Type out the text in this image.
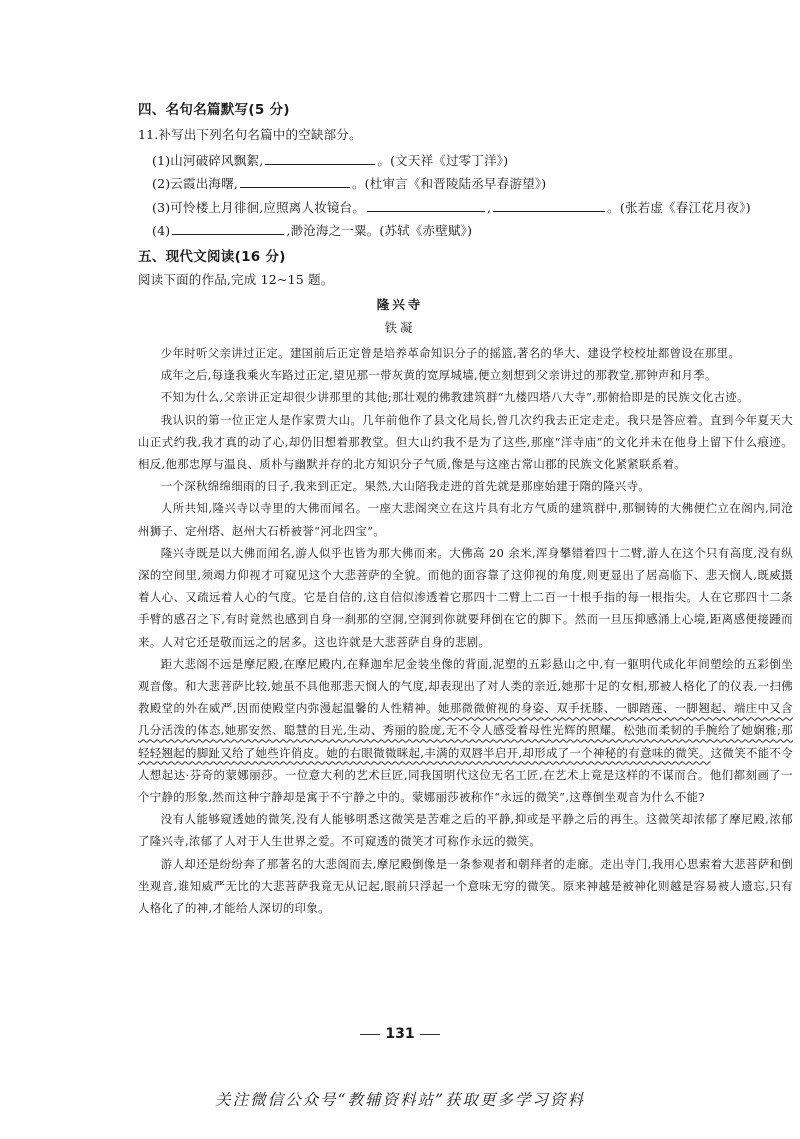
四、名句名篇默写(5 分)
11.补写出下列名句名篇中的空缺部分。
(1)山河破碎风飘絮,	。(文天祥《过零丁洋》)
(2)云霞出海曙,	。(杜审言《和晋陵陆丞早春游望》)
(3)可怜楼上月徘徊,应照离人妆镜台。	,	。(张若虚《春江花月夜》)
(4)	,渺沧海之一粟。(苏轼《赤壁赋》)
五、现代文阅读(16 分)
阅读下面的作品,完成 12~15 题。
隆兴寺
铁凝

少年时听父亲讲过正定。建国前后正定曾是培养革命知识分子的摇篮,著名的华大、建设学校校址都曾设在那里。

成年之后,每逢我乘火车路过正定,望见那一带灰黄的宽厚城墙,便立刻想到父亲讲过的那教堂,那钟声和月季。

不知为什么,父亲讲正定却很少讲那里的其他;那壮观的佛教建筑群“九楼四塔八大寺”,那俯拾即是的民族文化古迹。

我认识的第一位正定人是作家贾大山。几年前他作了县文化局长,曾几次约我去正定走走。我只是答应着。直到今年夏天大山正式约我,我才真的动了心,却仍旧想着那教堂。但大山约我不是为了这些,那座“洋寺庙”的文化并未在他身上留下什么痕迹。相反,他那忠厚与温良、质朴与幽默并存的北方知识分子气质,像是与这座古常山郡的民族文化紧紧联系着。

一个深秋绵绵细雨的日子,我来到正定。果然,大山陪我走进的首先就是那座始建于隋的隆兴寺。

人所共知,隆兴寺以寺里的大佛而闻名。一座大悲阁突立在这片具有北方气质的建筑群中,那铜铸的大佛便伫立在阁内,同沧州狮子、定州塔、赵州大石桥被誉“河北四宝”。

隆兴寺既是以大佛而闻名,游人似乎也皆为那大佛而来。大佛高 20 余米,浑身攀错着四十二臂,游人在这个只有高度,没有纵深的空间里,须竭力仰视才可窥见这个大悲菩萨的全貌。而他的面容靠了这仰视的角度,则更显出了居高临下、悲天悯人,既威摄着人心、又疏远着人心的气度。它是自信的,这自信似渗透着它那四十二臂上二百一十根手指的每一根指尖。人在它那四十二条手臂的感召之下,有时竟然也感到自身一刹那的空洞,空洞到你就要拜倒在它的脚下。然而一旦压抑感涌上心境,距离感便接踵而来。人对它还是敬而远之的居多。这也许就是大悲菩萨自身的悲剧。

距大悲阁不远是摩尼殿,在摩尼殿内,在释迦牟尼金装坐像的背面,泥塑的五彩悬山之中,有一躯明代成化年间塑绘的五彩倒坐观音像。和大悲菩萨比较,她虽不具他那悲天悯人的气度,却表现出了对人类的亲近,她那十足的女相,那被人格化了的仪表,一扫佛教殿堂的外在威严,因而使殿堂内弥漫起温馨的人性精神。她那微微俯视的身姿、双手抚膝、一脚踏莲、一脚翘起、端庄中又含几分活泼的体态,她那安然、聪慧的目光,生动、秀丽的脸庞,无不令人感受着母性光辉的照耀。松弛而柔韧的手腕给了她娴雅;那轻轻翘起的脚趾又给了她些许俏皮。她的右眼微微眯起,丰满的双唇半启开,却形成了一个神秘的有意味的微笑。这微笑不能不令人想起达·芬奇的蒙娜丽莎。一位意大利的艺术巨匠,同我国明代这位无名工匠,在艺术上竟是这样的不谋而合。他们都刻画了一个宁静的形象,然而这种宁静却是寓于不宁静之中的。蒙娜丽莎被称作“永远的微笑”,这尊倒坐观音为什么不能?

没有人能够窥透她的微笑,没有人能够明悉这微笑是苦难之后的平静,抑或是平静之后的再生。这微笑却浓郁了摩尼殿,浓郁了隆兴寺,浓郁了人对于人生世界之爱。不可窥透的微笑才可称作永远的微笑。

游人却还是纷纷奔了那著名的大悲阁而去,摩尼殿倒像是一条参观者和朝拜者的走廊。走出寺门,我用心思索着大悲菩萨和倒坐观音,谁知威严无比的大悲菩萨我竟无从记起,眼前只浮起一个意味无穷的微笑。原来神越是被神化则越是容易被人遗忘,只有人格化了的神,才能给人深切的印象。

131
关注微信公众号“教辅资料站”获取更多学习资料
